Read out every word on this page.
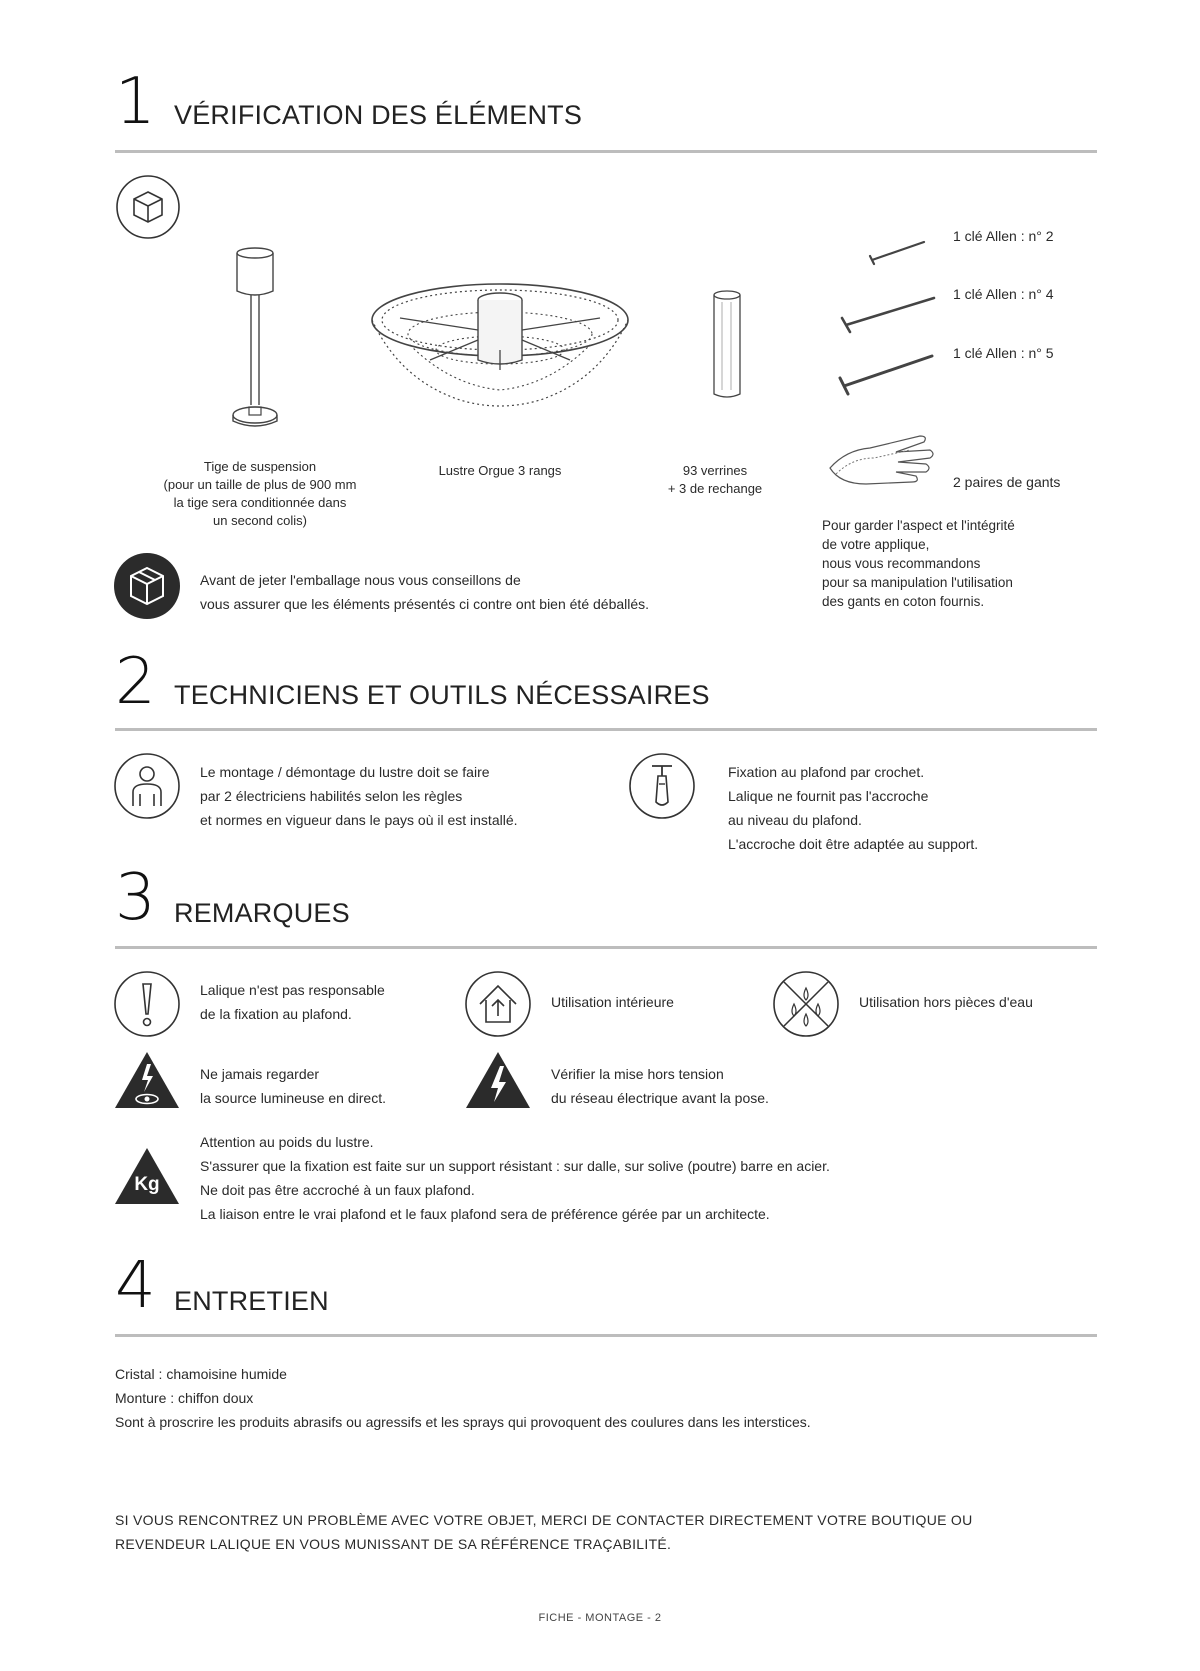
1 VÉRIFICATION DES ÉLÉMENTS
Tige de suspension
(pour un taille de plus de 900 mm
la tige sera conditionnée dans
un second colis)
Lustre Orgue 3 rangs	93 verrines
+ 3 de rechange
1 clé Allen : n° 2
1 clé Allen : n° 4
1 clé Allen : n° 5
2 paires de gants
Pour garder l'aspect et l'intégrité
de votre applique,
nous vous recommandons
pour sa manipulation l'utilisation
des gants en coton fournis.
Avant de jeter l'emballage nous vous conseillons de
vous assurer que les éléments présentés ci contre ont bien été déballés.
2 TECHNICIENS ET OUTILS NÉCESSAIRES
Le montage / démontage du lustre doit se faire
par 2 électriciens habilités selon les règles
et normes en vigueur dans le pays où il est installé.
Fixation au plafond par crochet.
Lalique ne fournit pas l'accroche
au niveau du plafond.
L'accroche doit être adaptée au support.
3 REMARQUES
Lalique n'est pas responsable
de la fixation au plafond.
Utilisation intérieure	Utilisation hors pièces d'eau
Ne jamais regarder
la source lumineuse en direct.
Vérifier la mise hors tension
du réseau électrique avant la pose.
Kg
Attention au poids du lustre.
S'assurer que la fixation est faite sur un support résistant : sur dalle, sur solive (poutre) barre en acier.
Ne doit pas être accroché à un faux plafond.
La liaison entre le vrai plafond et le faux plafond sera de préférence gérée par un architecte.
4 ENTRETIEN
Cristal : chamoisine humide
Monture : chiffon doux
Sont à proscrire les produits abrasifs ou agressifs et les sprays qui provoquent des coulures dans les interstices.
SI VOUS RENCONTREZ UN PROBLÈME AVEC VOTRE OBJET, MERCI DE CONTACTER DIRECTEMENT VOTRE BOUTIQUE OU
REVENDEUR LALIQUE EN VOUS MUNISSANT DE SA RÉFÉRENCE TRAÇABILITÉ.
FICHE - MONTAGE - 2
